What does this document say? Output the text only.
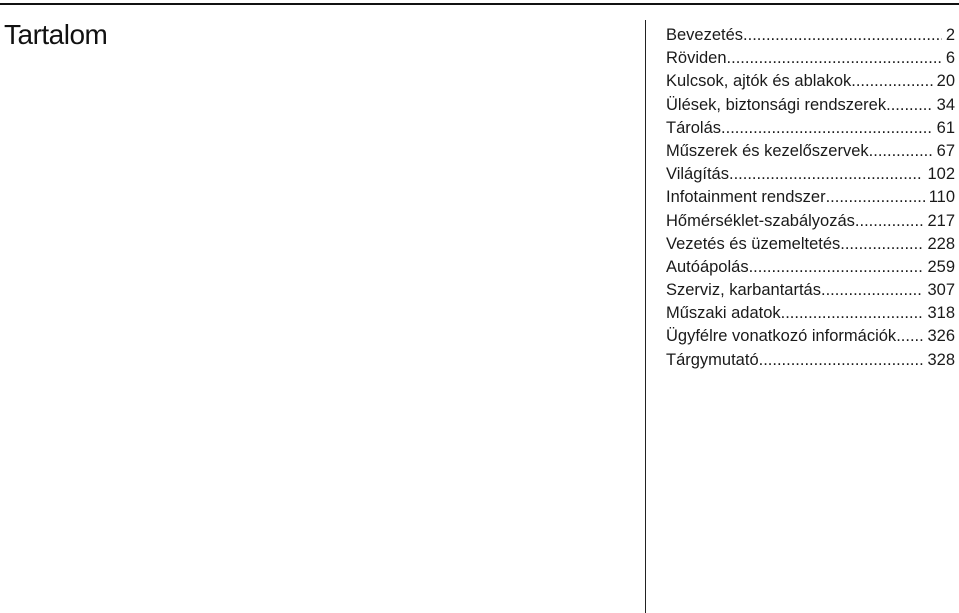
Tartalom	Bevezetés .....	2
Röviden .....	6
Kulcsok, ajtók és ablakok .....	20
Ülések, biztonsági rendszerek .....	34
Tárolás .....	61
Műszerek és kezelőszervek .....	67
Világítás .....	102
Infotainment rendszer .....	110
Hőmérséklet-szabályozás .....	217
Vezetés és üzemeltetés .....	228
Autóápolás .....	259
Szerviz, karbantartás .....	307
Műszaki adatok .....	318
Ügyfélre vonatkozó információk ..... 326
Tárgymutató .....	328
